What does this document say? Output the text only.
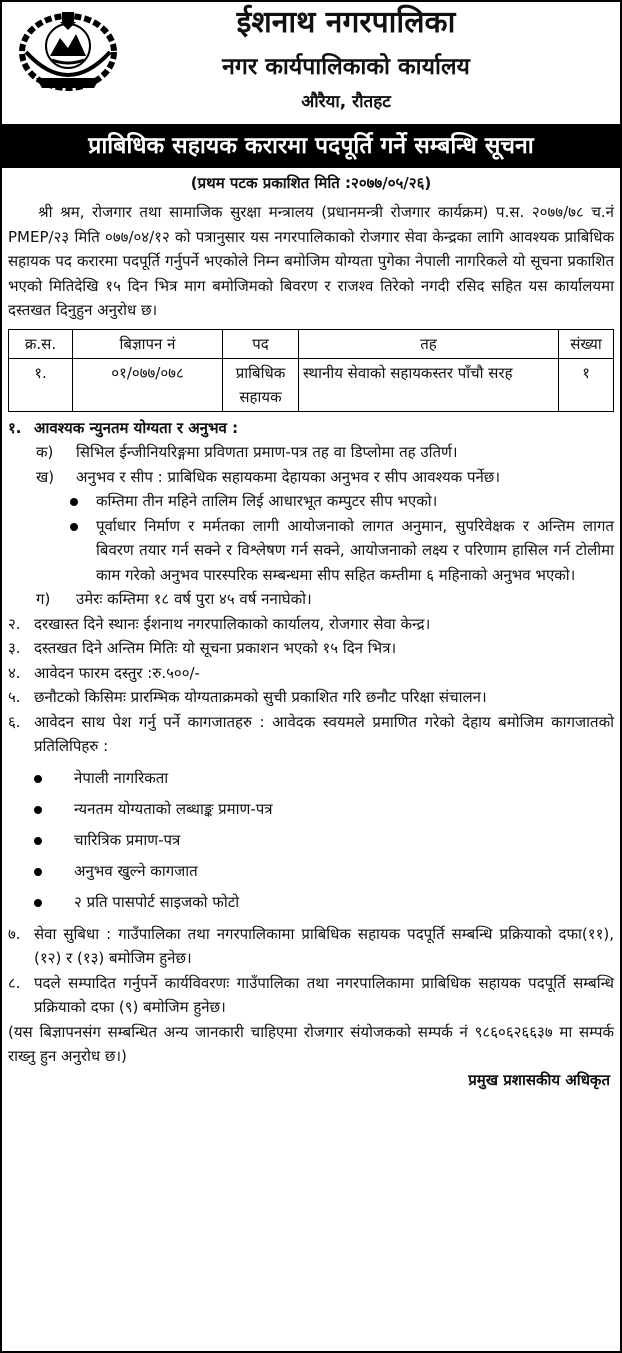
ईशनाथ नगरपालिका
नगर कार्यपालिकाको कार्यालय
औरैया, रौतहट
प्राबिधिक सहायक करारमा पदपूर्ति गर्ने सम्बन्धि सूचना
(प्रथम पटक प्रकाशित मिति :२०७७/०५/२६)

श्री श्रम, रोजगार तथा सामाजिक सुरक्षा मन्त्रालय (प्रधानमन्त्री रोजगार कार्यक्रम) प.स. २०७७/७८ च.नं PMEP/२३ मिति ०७७/०४/१२ को पत्रानुसार यस नगरपालिकाको रोजगार सेवा केन्द्रका लागि आवश्यक प्राबिधिक सहायक पद करारमा पदपूर्ति गर्नुपर्ने भएकोले निम्न बमोजिम योग्यता पुगेका नेपाली नागरिकले यो सूचना प्रकाशित भएको मितिदेखि १५ दिन भित्र माग बमोजिमको बिवरण र राजश्व तिरेको नगदी रसिद सहित यस कार्यालयमा दस्तखत दिनुहुन अनुरोध छ।

क्र.स.	बिज्ञापन नं	पद	तह	संख्या
१.	०१/०७७/०७८	प्राबिधिक सहायक	स्थानीय सेवाको सहायकस्तर पाँचौ सरह	१
१. आवश्यक न्युनतम योग्यता र अनुभव :
क)	सिभिल ईन्जीनियरिङ्गमा प्रविणता प्रमाण-पत्र तह वा डिप्लोमा तह उतिर्ण।
ख)	अनुभव र सीप : प्राबिधिक सहायकमा देहायका अनुभव र सीप आवश्यक पर्नेछ।
कम्तिमा तीन महिने तालिम लिई आधारभूत कम्पुटर सीप भएको।
पूर्वाधार निर्माण र मर्मतका लागी आयोजनाको लागत अनुमान, सुपरिवेक्षक र अन्तिम लागत बिवरण तयार गर्न सक्ने र विश्लेषण गर्न सक्ने, आयोजनाको लक्ष्य र परिणाम हासिल गर्न टोलीमा काम गरेको अनुभव पारस्परिक सम्बन्धमा सीप सहित कम्तीमा ६ महिनाको अनुभव भएको।
ग)	उमेरः कम्तिमा १८ वर्ष पुरा ४५ वर्ष ननाघेको।
२. दरखास्त दिने स्थानः ईशनाथ नगरपालिकाको कार्यालय, रोजगार सेवा केन्द्र।
३. दस्तखत दिने अन्तिम मितिः यो सूचना प्रकाशन भएको १५ दिन भित्र।
४. आवेदन फारम दस्तुर :रु.५००/-
५. छनौटको किसिमः प्रारम्भिक योग्यताक्रमको सुची प्रकाशित गरि छनौट परिक्षा संचालन।
६. आवेदन साथ पेश गर्नु पर्ने कागजातहरु : आवेदक स्वयमले प्रमाणित गरेको देहाय बमोजिम कागजातको प्रतिलिपिहरु :
नेपाली नागरिकता
न्यनतम योग्यताको लब्धाङ्क प्रमाण-पत्र
चारित्रिक प्रमाण-पत्र
अनुभव खुल्ने कागजात
२ प्रति पासपोर्ट साइजको फोटो
७. सेवा सुबिधा : गाउँपालिका तथा नगरपालिकामा प्राबिधिक सहायक पदपूर्ति सम्बन्धि प्रक्रियाको दफा(११),(१२) र (१३) बमोजिम हुनेछ।
८. पदले सम्पादित गर्नुपर्ने कार्यविवरणः गाउँपालिका तथा नगरपालिकामा प्राबिधिक सहायक पदपूर्ति सम्बन्धि प्रक्रियाको दफा (९) बमोजिम हुनेछ।

(यस बिज्ञापनसंग सम्बन्धित अन्य जानकारी चाहिएमा रोजगार संयोजकको सम्पर्क नं ९८६०६२६६३७ मा सम्पर्क राख्नु हुन अनुरोध छ।)

प्रमुख प्रशासकीय अधिकृत
